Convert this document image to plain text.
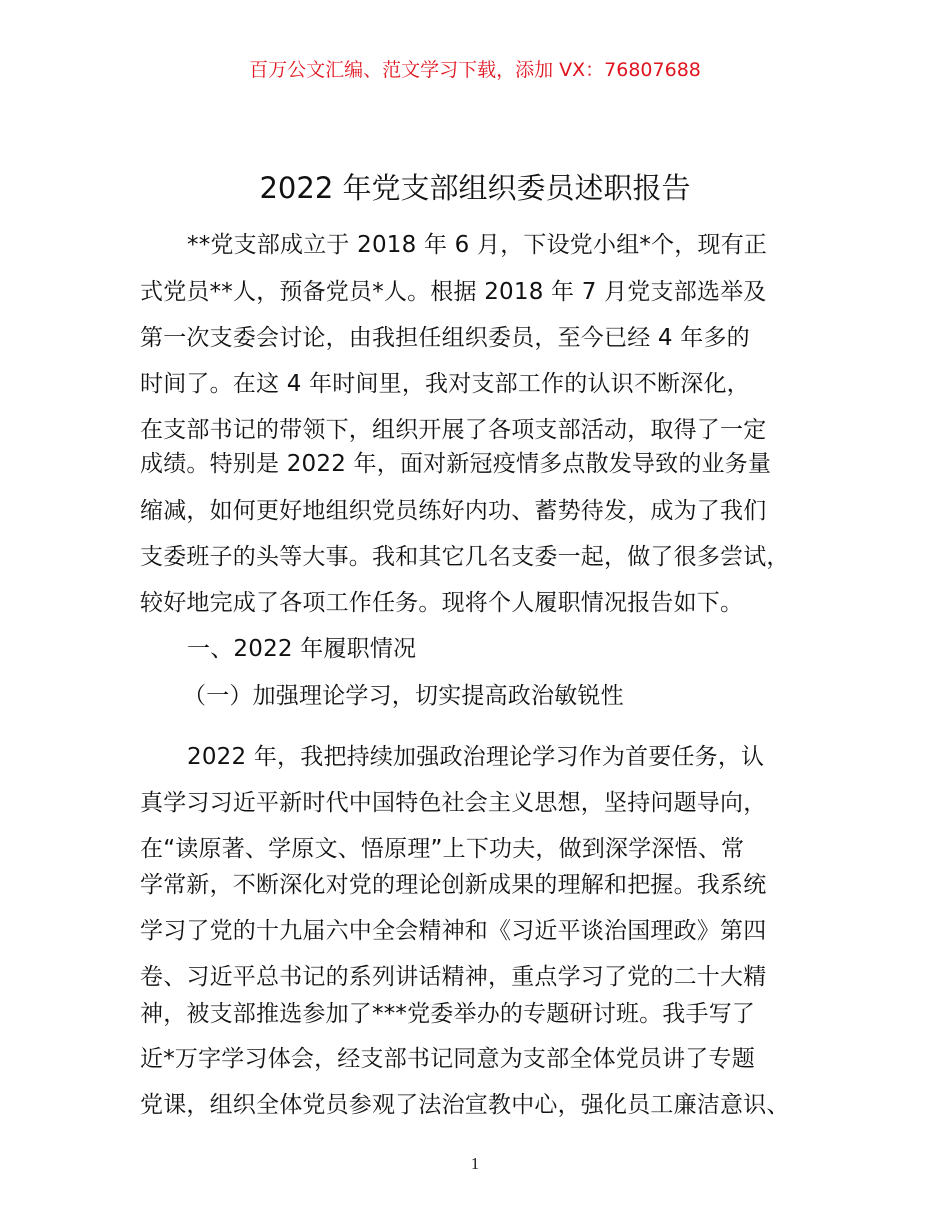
百万公文汇编、范文学习下载，添加 VX：76807688
2022 年党支部组织委员述职报告
**党支部成立于 2018 年 6 月，下设党小组*个，现有正
式党员**人，预备党员*人。根据 2018 年 7 月党支部选举及
第一次支委会讨论，由我担任组织委员，至今已经 4 年多的
时间了。在这 4 年时间里，我对支部工作的认识不断深化，
在支部书记的带领下，组织开展了各项支部活动，取得了一定
成绩。特别是 2022 年，面对新冠疫情多点散发导致的业务量
缩减，如何更好地组织党员练好内功、蓄势待发，成为了我们
支委班子的头等大事。我和其它几名支委一起，做了很多尝试，
较好地完成了各项工作任务。现将个人履职情况报告如下。
一、2022 年履职情况
（一）加强理论学习，切实提高政治敏锐性
2022 年，我把持续加强政治理论学习作为首要任务，认
真学习习近平新时代中国特色社会主义思想，坚持问题导向，
在“读原著、学原文、悟原理”上下功夫，做到深学深悟、常
学常新，不断深化对党的理论创新成果的理解和把握。我系统
学习了党的十九届六中全会精神和《习近平谈治国理政》第四
卷、习近平总书记的系列讲话精神，重点学习了党的二十大精
神，被支部推选参加了***党委举办的专题研讨班。我手写了
近*万字学习体会，经支部书记同意为支部全体党员讲了专题
党课，组织全体党员参观了法治宣教中心，强化员工廉洁意识、
1
